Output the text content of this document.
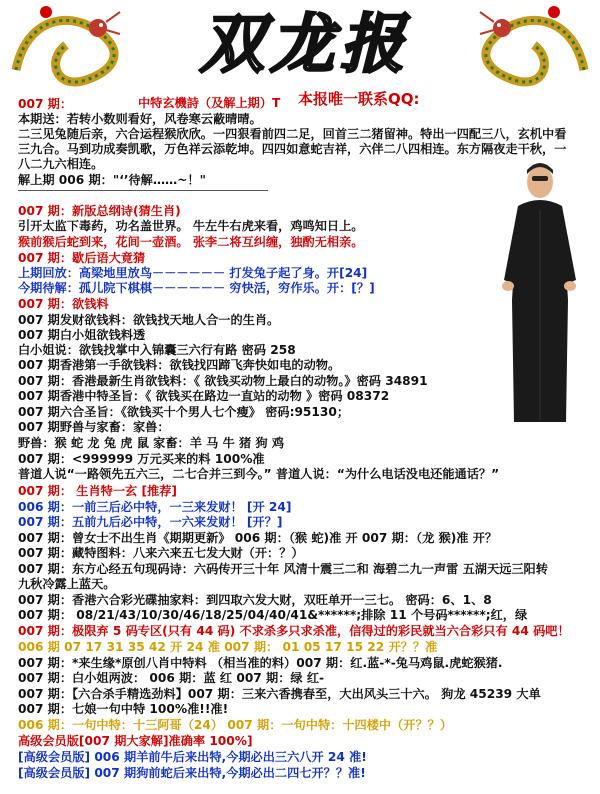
双龙报
中特玄機詩（及解上期）T 本报唯一联系QQ:
007 期：
本期送：若转小数则看好，风卷寒云蔽晴晴。
二三见兔随后亲，六合运程猴欣欣。一四狠看前四二足，回首三二猪留神。特出一四配三八，玄机中看
三九合。马到功成奏凯歌，万色祥云添乾坤。四四如意蛇吉祥，六伴二八四相连。东方隔夜走干秋，一
八二九六相连。
解上期 006 期："‘’待解……~！"
007 期：新版总纲诗(猜生肖)
引开太监下毒药，功名盖世界。 牛左牛右虎来看，鸡鸣知日上。
猴前猴后蛇到来，花间一壶酒。 张李二将互纠缠，独酌无相亲。
007 期：歇后语大竟猜
上期回放：高梁地里放鸟－－－－－－ 打发兔子起了身。开[24]
今期待解：孤儿院下棋棋－－－－－－ 穷快活，穷作乐。开：[？]
007 期：欲钱料
007 期发财欲钱料：欲钱找天地人合一的生肖。
007 期白小姐欲钱料透
白小姐说：欲钱找掌中入锦囊三六行有路 密码 258
007 期香港第一手欲钱料：欲钱找四蹄飞奔快如电的动物。
007 期：香港最新生肖欲钱料：《 欲钱买动物上最白的动物。》密码 34891
007 期香港中特圣旨：《 欲钱买在路边一直站的动物 》密码 08372
007 期六合圣旨：《欲钱买十个男人七个瘦》 密码:95130；
007 期野兽与家畜：家兽：
野兽：猴 蛇 龙 兔 虎 鼠 家畜：羊 马 牛 猪 狗 鸡
007 期：<999999 万元买来的料 100%准
普道人说“一路领先五六三，二七合并三到今。” 普道人说：“为什么电话没电还能通话？”
007 期： 生肖特一玄 [推荐]
006 期：一前三后必中特，一三来发财！ [开 24]
007 期：五前九后必中特，一六来发财！ [开？]
007 期：曾女士不出生肖《期期更新》 006 期：（猴 蛇)准 开 007 期：（龙 猴)准 开？
007 期：藏特图料：八来六来五七发大财（开：？）
007 期：东方心经五句现码诗：六码传开三十年 风清十震三二和 海碧二九一声雷 五湖天远三阳转
九秋冷露上蓝天。
007 期：香港六合彩光碟抽家料：到四取六发大财，双旺单开一三七。 密码：6、1、8
007 期： 08/21/43/10/30/46/18/25/04/40/41&******;排除 11 个号码******;红，绿
007 期：极限弃 5 码专区(只有 44 码) 不求杀多只求杀准，信得过的彩民就当六合彩只有 44 码吧！
006 期 07 17 31 35 42 开 24 准 007 期： 01 05 17 15 22 开？？准
007 期：*来生缘*原创八肖中特料 （相当准的料）007 期：红.蓝-*-兔马鸡鼠.虎蛇猴猪.
007 期：白小姐两波： 006 期：蓝 红 007 期：绿 红-
007 期：【六合杀手精选劲料】007 期：三来六香携春至，大出风头三十六。 狗龙 45239 大单
007 期：七娘一句中特 100%准!!准!
006 期：一句中特：十三阿哥（24） 007 期：一句中特：十四楼中（开？？）
高级会员版[007 期大家解]准确率 100%]
[高级会员版] 006 期羊前牛后来出特,今期必出三六八开 24 准!
[高级会员版] 007 期狗前蛇后来出特,今期必出二四七开？？准!
